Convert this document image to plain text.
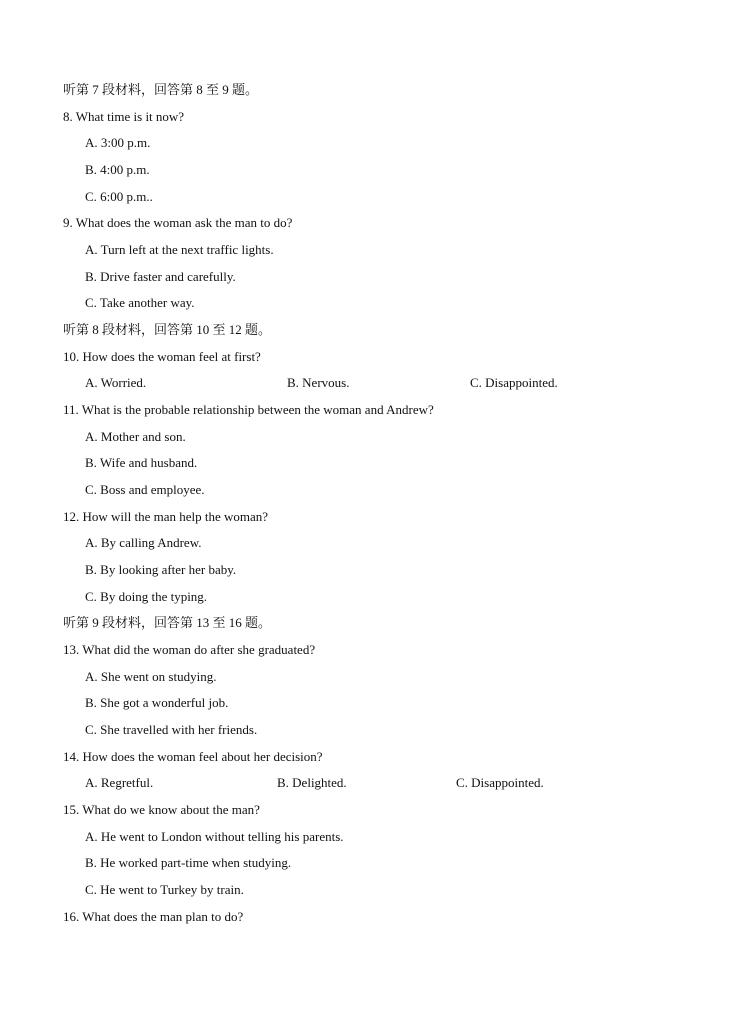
听第 7 段材料，回答第 8 至 9 题。
8. What time is it now?
A. 3:00 p.m.
B. 4:00 p.m.
C. 6:00 p.m..
9. What does the woman ask the man to do?
A. Turn left at the next traffic lights.
B. Drive faster and carefully.
C. Take another way.
听第 8 段材料，回答第 10 至 12 题。
10. How does the woman feel at first?
A. Worried.	B. Nervous.	C. Disappointed.
11. What is the probable relationship between the woman and Andrew?
A. Mother and son.
B. Wife and husband.
C. Boss and employee.
12. How will the man help the woman?
A. By calling Andrew.
B. By looking after her baby.
C. By doing the typing.
听第 9 段材料，回答第 13 至 16 题。
13. What did the woman do after she graduated?
A. She went on studying.
B. She got a wonderful job.
C. She travelled with her friends.
14. How does the woman feel about her decision?
A. Regretful.	B. Delighted.	C. Disappointed.
15. What do we know about the man?
A. He went to London without telling his parents.
B. He worked part-time when studying.
C. He went to Turkey by train.
16. What does the man plan to do?
